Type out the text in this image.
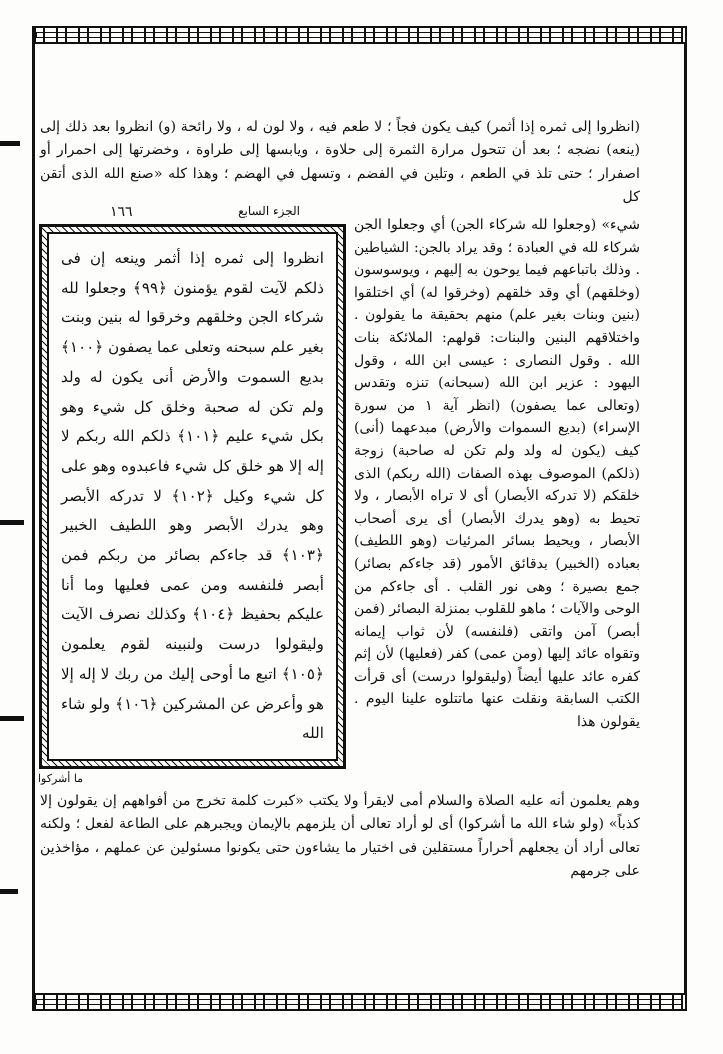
(انظروا إلى ثمره إذا أثمر) كيف يكون فجاً ؛ لا طعم فيه ، ولا لون له ، ولا رائحة (و) انظروا بعد ذلك إلى (ينعه) نضجه ؛ بعد أن تتحول مرارة الثمرة إلى حلاوة ، ويابسها إلى طراوة ، وخضرتها إلى احمرار أو اصفرار ؛ حتى تلذ في الطعم ، وتلين في الفضم ، وتسهل في الهضم ؛ وهذا كله «صنع الله الذى أتقن كل

الجزء السابع
١٦٦

شيء» (وجعلوا لله شركاء الجن) أي وجعلوا الجن شركاء لله في العبادة ؛ وقد يراد بالجن: الشياطين . وذلك باتباعهم فيما يوحون به إليهم ، ويوسوسون (وخلقهم) أي وقد خلقهم (وخرقوا له) أي اختلقوا (بنين وبنات بغير علم) منهم بحقيقة ما يقولون . واختلاقهم البنين والبنات: قولهم: الملائكة بنات الله . وقول النصارى : عيسى ابن الله ، وقول اليهود : عزير ابن الله (سبحانه) تنزه وتقدس (وتعالى عما يصفون) (انظر آية ١ من سورة الإسراء) (بديع السموات والأرض) مبدعهما (أنى) كيف (يكون له ولد ولم تكن له صاحبة) زوجة (ذلكم) الموصوف بهذه الصفات (الله ربكم) الذى خلقكم (لا تدركه الأبصار) أى لا تراه الأبصار ، ولا تحيط به (وهو يدرك الأبصار) أى يرى أصحاب الأبصار ، ويحيط بسائر المرئيات (وهو اللطيف) بعباده (الخبير) بدقائق الأمور (قد جاءكم بصائر) جمع بصيرة ؛ وهى نور القلب . أى جاءكم من الوحى والآيات ؛ ماهو للقلوب بمنزلة البصائر (فمن أبصر) آمن واتقى (فلنفسه) لأن ثواب إيمانه وتقواه عائد إليها (ومن عمى) كفر (فعليها) لأن إثم كفره عائد عليها أيضاً (وليقولوا درست) أى قرأت الكتب السابقة ونقلت عنها ماتتلوه علينا اليوم . يقولون هذا

انظروا إلى ثمره إذا أثمر وينعه إن فى ذلكم لآيت لقوم يؤمنون ﴿٩٩﴾ وجعلوا لله شركاء الجن وخلقهم وخرقوا له بنين وبنت بغير علم سبحنه وتعلى عما يصفون ﴿١٠٠﴾ بديع السموت والأرض أنى يكون له ولد ولم تكن له صحبة وخلق كل شيء وهو بكل شيء عليم ﴿١٠١﴾ ذلكم الله ربكم لا إله إلا هو خلق كل شيء فاعبدوه وهو على كل شيء وكيل ﴿١٠٢﴾ لا تدركه الأبصر وهو يدرك الأبصر وهو اللطيف الخبير ﴿١٠٣﴾ قد جاءكم بصائر من ربكم فمن أبصر فلنفسه ومن عمى فعليها وما أنا عليكم بحفيظ ﴿١٠٤﴾ وكذلك نصرف الآيت وليقولوا درست ولنبينه لقوم يعلمون ﴿١٠٥﴾ اتبع ما أوحى إليك من ربك لا إله إلا هو وأعرض عن المشركين ﴿١٠٦﴾ ولو شاء الله
ما أشركوا

وهم يعلمون أنه عليه الصلاة والسلام أمى لايقرأ ولا يكتب «كبرت كلمة تخرج من أفواههم إن يقولون إلا كذباً» (ولو شاء الله ما أشركوا) أى لو أراد تعالى أن يلزمهم بالإيمان ويجبرهم على الطاعة لفعل ؛ ولكنه تعالى أراد أن يجعلهم أحراراً مستقلين فى اختيار ما يشاءون حتى يكونوا مسئولين عن عملهم ، مؤاخذين على جرمهم
